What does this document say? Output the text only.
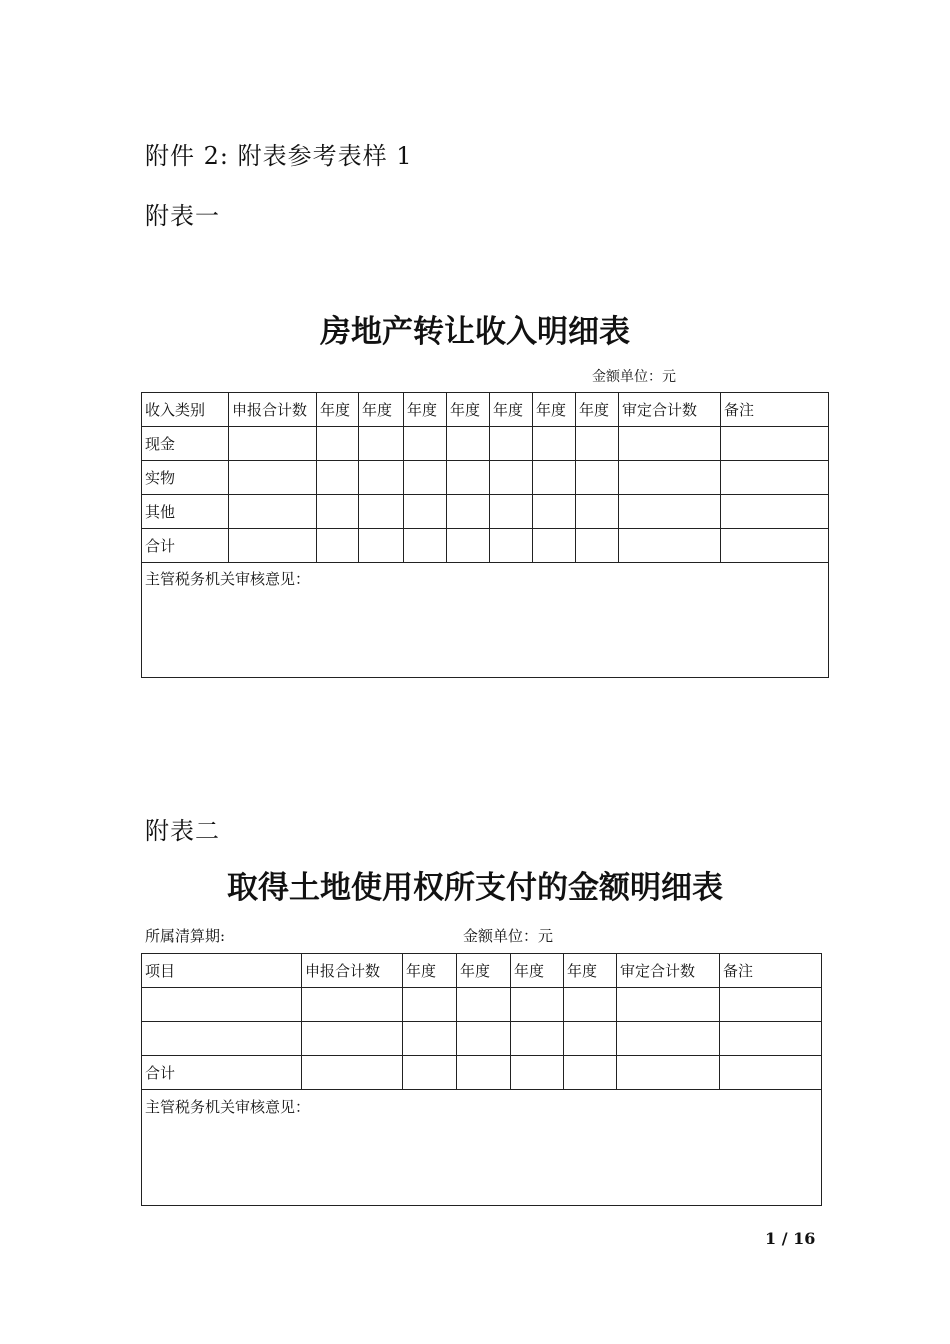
附件 2: 附表参考表样 1
附表一
房地产转让收入明细表
金额单位：元
收入类别	申报合计数	年度	年度	年度	年度	年度	年度	年度	审定合计数	备注
现金										
实物										
其他										
合计										
主管税务机关审核意见：										
附表二
取得土地使用权所支付的金额明细表
所属清算期:	金额单位：元
项目	申报合计数	年度	年度	年度	年度	审定合计数	备注

合计							
主管税务机关审核意见：							
1 / 16
